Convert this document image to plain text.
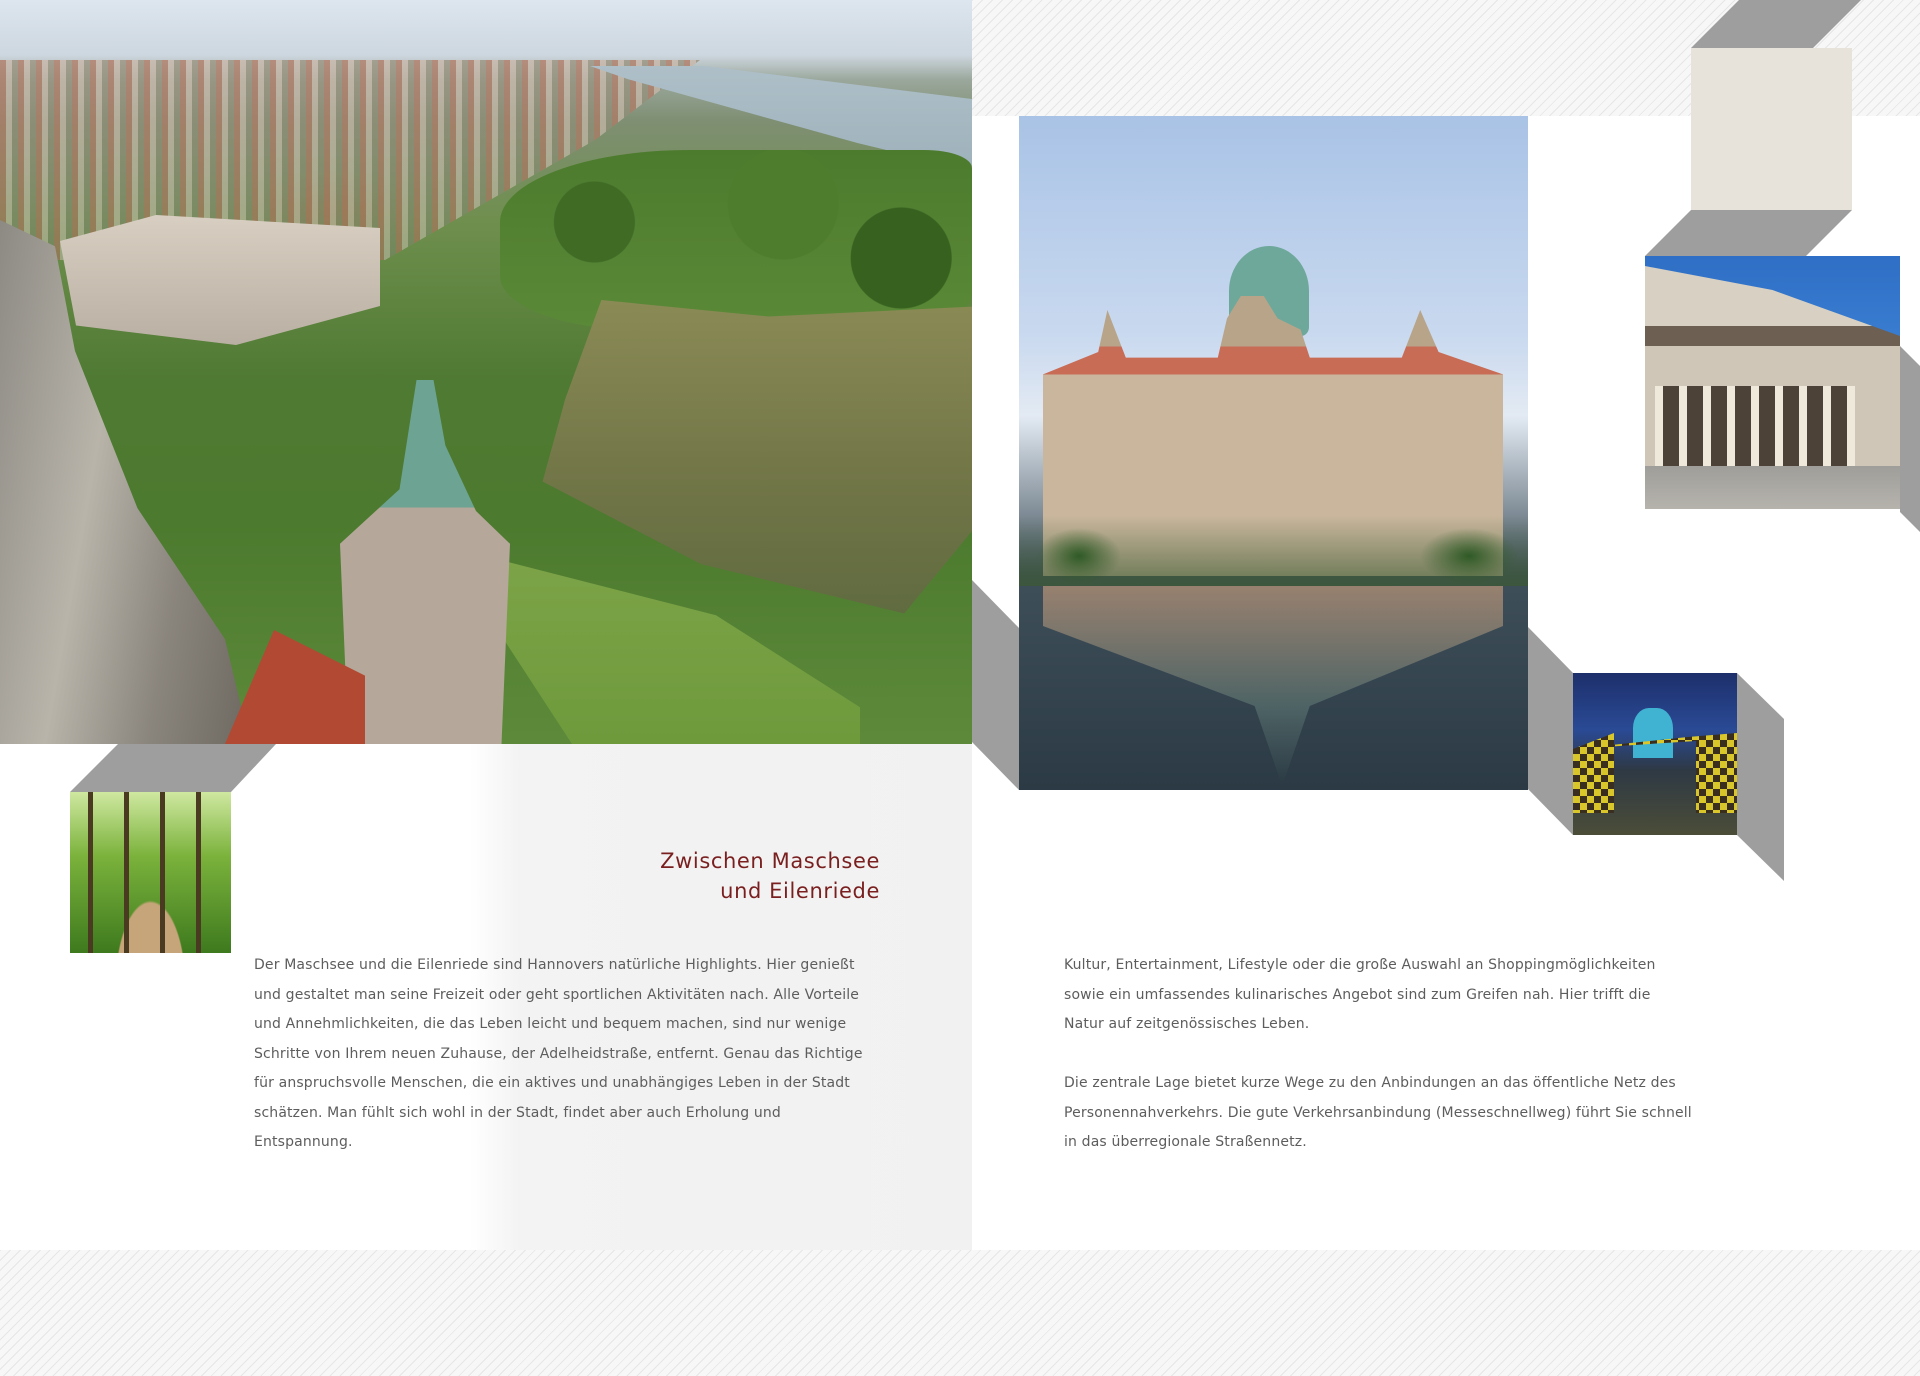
Zwischen Maschsee
und Eilenriede
Der Maschsee und die Eilenriede sind Hannovers natürliche Highlights. Hier genießt
und gestaltet man seine Freizeit oder geht sportlichen Aktivitäten nach. Alle Vorteile
und Annehmlichkeiten, die das Leben leicht und bequem machen, sind nur wenige
Schritte von Ihrem neuen Zuhause, der Adelheidstraße, entfernt. Genau das Richtige
für anspruchsvolle Menschen, die ein aktives und unabhängiges Leben in der Stadt
schätzen. Man fühlt sich wohl in der Stadt, findet aber auch Erholung und
Entspannung.
Kultur, Entertainment, Lifestyle oder die große Auswahl an Shoppingmöglichkeiten
sowie ein umfassendes kulinarisches Angebot sind zum Greifen nah. Hier trifft die
Natur auf zeitgenössisches Leben.
Die zentrale Lage bietet kurze Wege zu den Anbindungen an das öffentliche Netz des
Personennahverkehrs. Die gute Verkehrsanbindung (Messeschnellweg) führt Sie schnell
in das überregionale Straßennetz.
